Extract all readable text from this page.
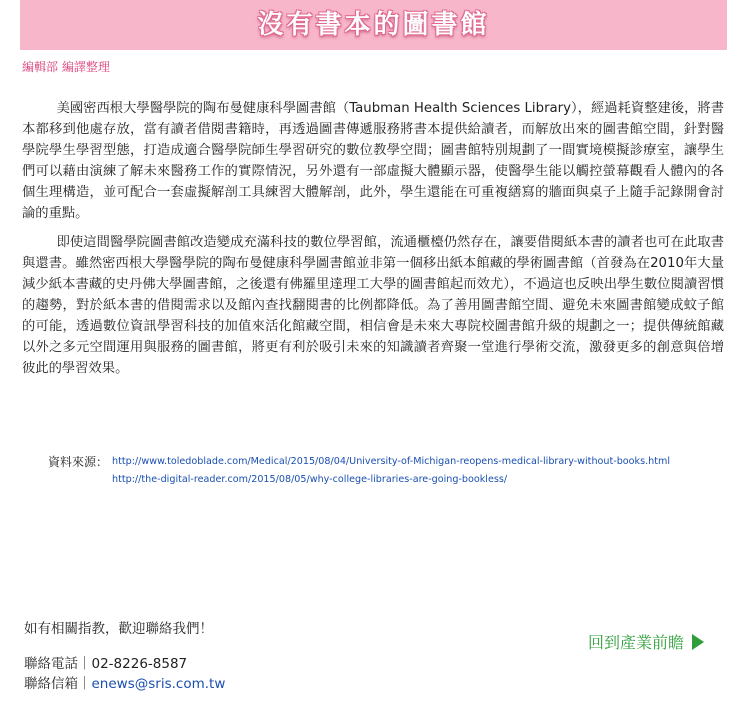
沒有書本的圖書館
編輯部 編譯整理

美國密西根大學醫學院的陶布曼健康科學圖書館（Taubman Health Sciences Library），經過耗資整建後，將書本都移到他處存放，當有讀者借閱書籍時，再透過圖書傳遞服務將書本提供給讀者，而解放出來的圖書館空間，針對醫學院學生學習型態，打造成適合醫學院師生學習研究的數位教學空間；圖書館特別規劃了一間實境模擬診療室，讓學生們可以藉由演練了解未來醫務工作的實際情況，另外還有一部虛擬大體顯示器，使醫學生能以觸控螢幕觀看人體內的各個生理構造，並可配合一套虛擬解剖工具練習大體解剖，此外，學生還能在可重複繕寫的牆面與桌子上隨手記錄開會討論的重點。

即使這間醫學院圖書館改造變成充滿科技的數位學習館，流通櫃檯仍然存在，讓要借閱紙本書的讀者也可在此取書與還書。雖然密西根大學醫學院的陶布曼健康科學圖書館並非第一個移出紙本館藏的學術圖書館（首發為在2010年大量減少紙本書藏的史丹佛大學圖書館，之後還有佛羅里達理工大學的圖書館起而效尤），不過這也反映出學生數位閱讀習慣的趨勢，對於紙本書的借閱需求以及館內查找翻閱書的比例都降低。為了善用圖書館空間、避免未來圖書館變成蚊子館的可能，透過數位資訊學習科技的加值來活化館藏空間，相信會是未來大專院校圖書館升級的規劃之一；提供傳統館藏以外之多元空間運用與服務的圖書館，將更有利於吸引未來的知識讀者齊聚一堂進行學術交流，激發更多的創意與倍增彼此的學習效果。

資料來源： http://www.toledoblade.com/Medical/2015/08/04/University-of-Michigan-reopens-medical-library-without-books.html
http://the-digital-reader.com/2015/08/05/why-college-libraries-are-going-bookless/
如有相關指教，歡迎聯絡我們！
聯絡電話｜02-8226-8587
聯絡信箱｜enews@sris.com.tw
回到產業前瞻
